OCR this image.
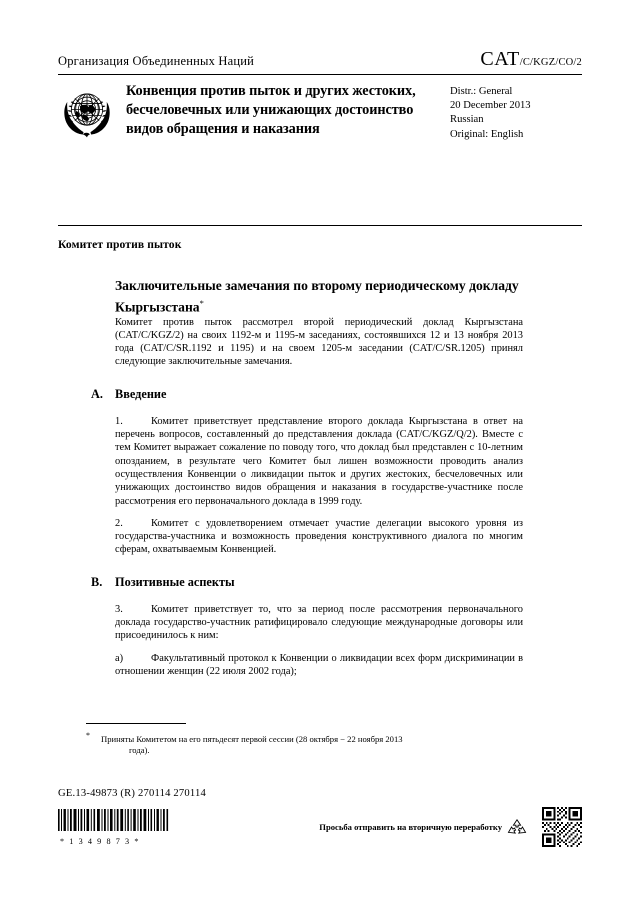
Организация Объединенных Наций	CAT/C/KGZ/CO/2
Конвенция против пыток и других жестоких, бесчеловечных или унижающих достоинство видов обращения и наказания
Distr.: General
20 December 2013
Russian
Original: English
Комитет против пыток
Заключительные замечания по второму периодическому докладу Кыргызстана*

Комитет против пыток рассмотрел второй периодический доклад Кыргызстана (CAT/C/KGZ/2) на своих 1192-м и 1195-м заседаниях, состоявшихся 12 и 13 ноября 2013 года (CAT/C/SR.1192 и 1195) и на своем 1205-м заседании (CAT/C/SR.1205) принял следующие заключительные замечания.

A. Введение

1.	Комитет приветствует представление второго доклада Кыргызстана в ответ на перечень вопросов, составленный до представления доклада (CAT/C/KGZ/Q/2). Вместе с тем Комитет выражает сожаление по поводу того, что доклад был представлен с 10-летним опозданием, в результате чего Комитет был лишен возможности проводить анализ осуществления Конвенции о ликвидации пыток и других жестоких, бесчеловечных или унижающих достоинство видов обращения и наказания в государстве-участнике после рассмотрения его первоначального доклада в 1999 году.

2.	Комитет с удовлетворением отмечает участие делегации высокого уровня из государства-участника и возможность проведения конструктивного диалога по многим сферам, охватываемым Конвенцией.

B. Позитивные аспекты

3.	Комитет приветствует то, что за период после рассмотрения первоначального доклада государство-участник ратифицировало следующие международные договоры или присоединилось к ним:

a)	Факультативный протокол к Конвенции о ликвидации всех форм дискриминации в отношении женщин (22 июля 2002 года);

* Приняты Комитетом на его пятьдесят первой сессии (28 октября − 22 ноября 2013
года).
GE.13-49873 (R) 270114 270114
*1349873*
Просьба отправить на вторичную переработку
